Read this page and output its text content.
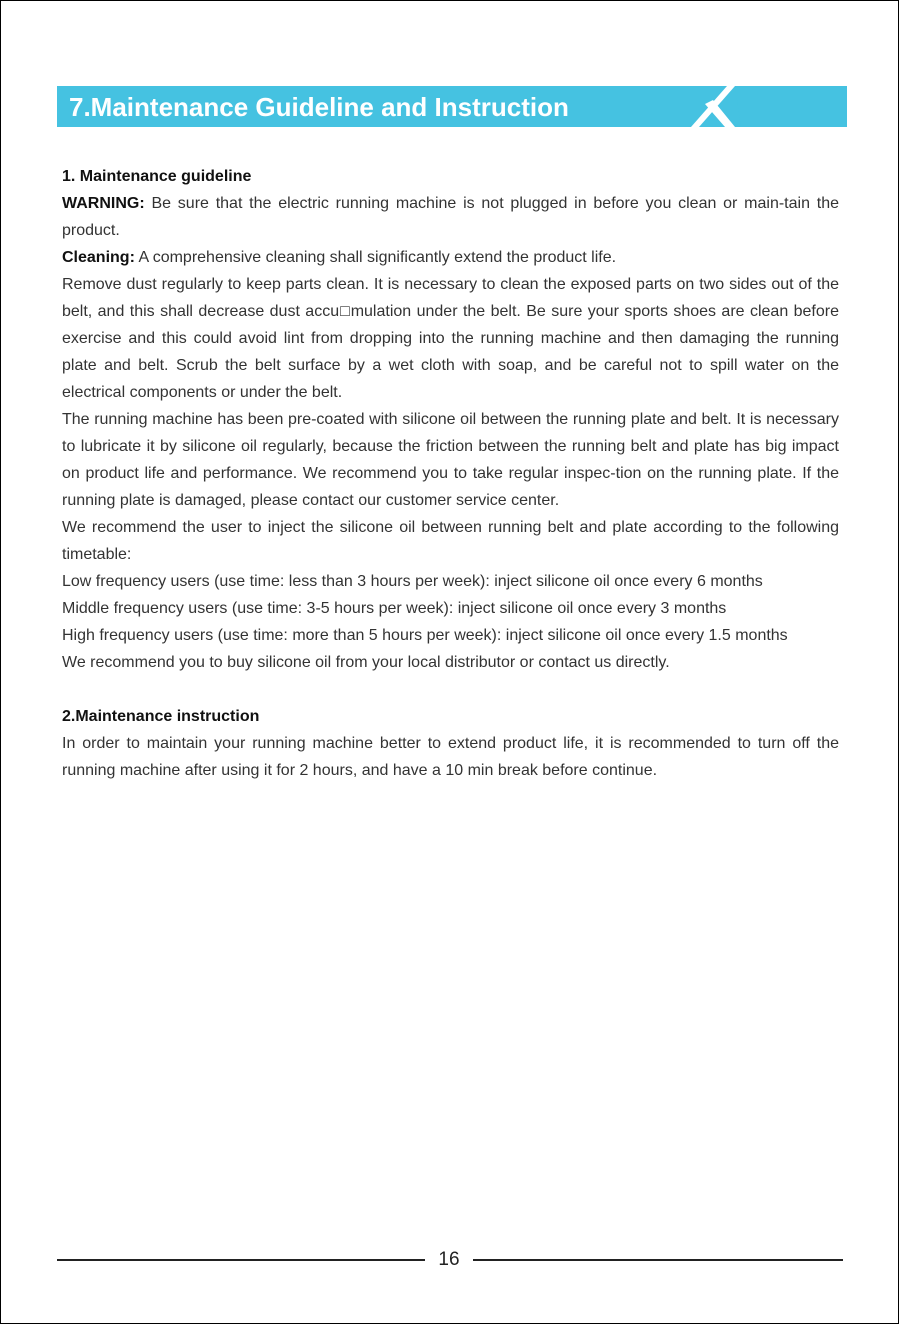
7.Maintenance Guideline and Instruction

1. Maintenance guideline

WARNING: Be sure that the electric running machine is not plugged in before you clean or main-tain the product.

Cleaning: A comprehensive cleaning shall significantly extend the product life.

Remove dust regularly to keep parts clean. It is necessary to clean the exposed parts on two sides out of the belt, and this shall decrease dust accu□mulation under the belt. Be sure your sports shoes are clean before exercise and this could avoid lint from dropping into the running machine and then damaging the running plate and belt. Scrub the belt surface by a wet cloth with soap, and be careful not to spill water on the electrical components or under the belt.

The running machine has been pre-coated with silicone oil between the running plate and belt. It is necessary to lubricate it by silicone oil regularly, because the friction between the running belt and plate has big impact on product life and performance. We recommend you to take regular inspec-tion on the running plate. If the running plate is damaged, please contact our customer service center.

We recommend the user to inject the silicone oil between running belt and plate according to the following timetable:

Low frequency users (use time: less than 3 hours per week): inject silicone oil once every 6 months

Middle frequency users (use time: 3-5 hours per week): inject silicone oil once every 3 months

High frequency users (use time: more than 5 hours per week): inject silicone oil once every 1.5 months

We recommend you to buy silicone oil from your local distributor or contact us directly.

2.Maintenance instruction

In order to maintain your running machine better to extend product life, it is recommended to turn off the running machine after using it for 2 hours, and have a 10 min break before continue.

16
